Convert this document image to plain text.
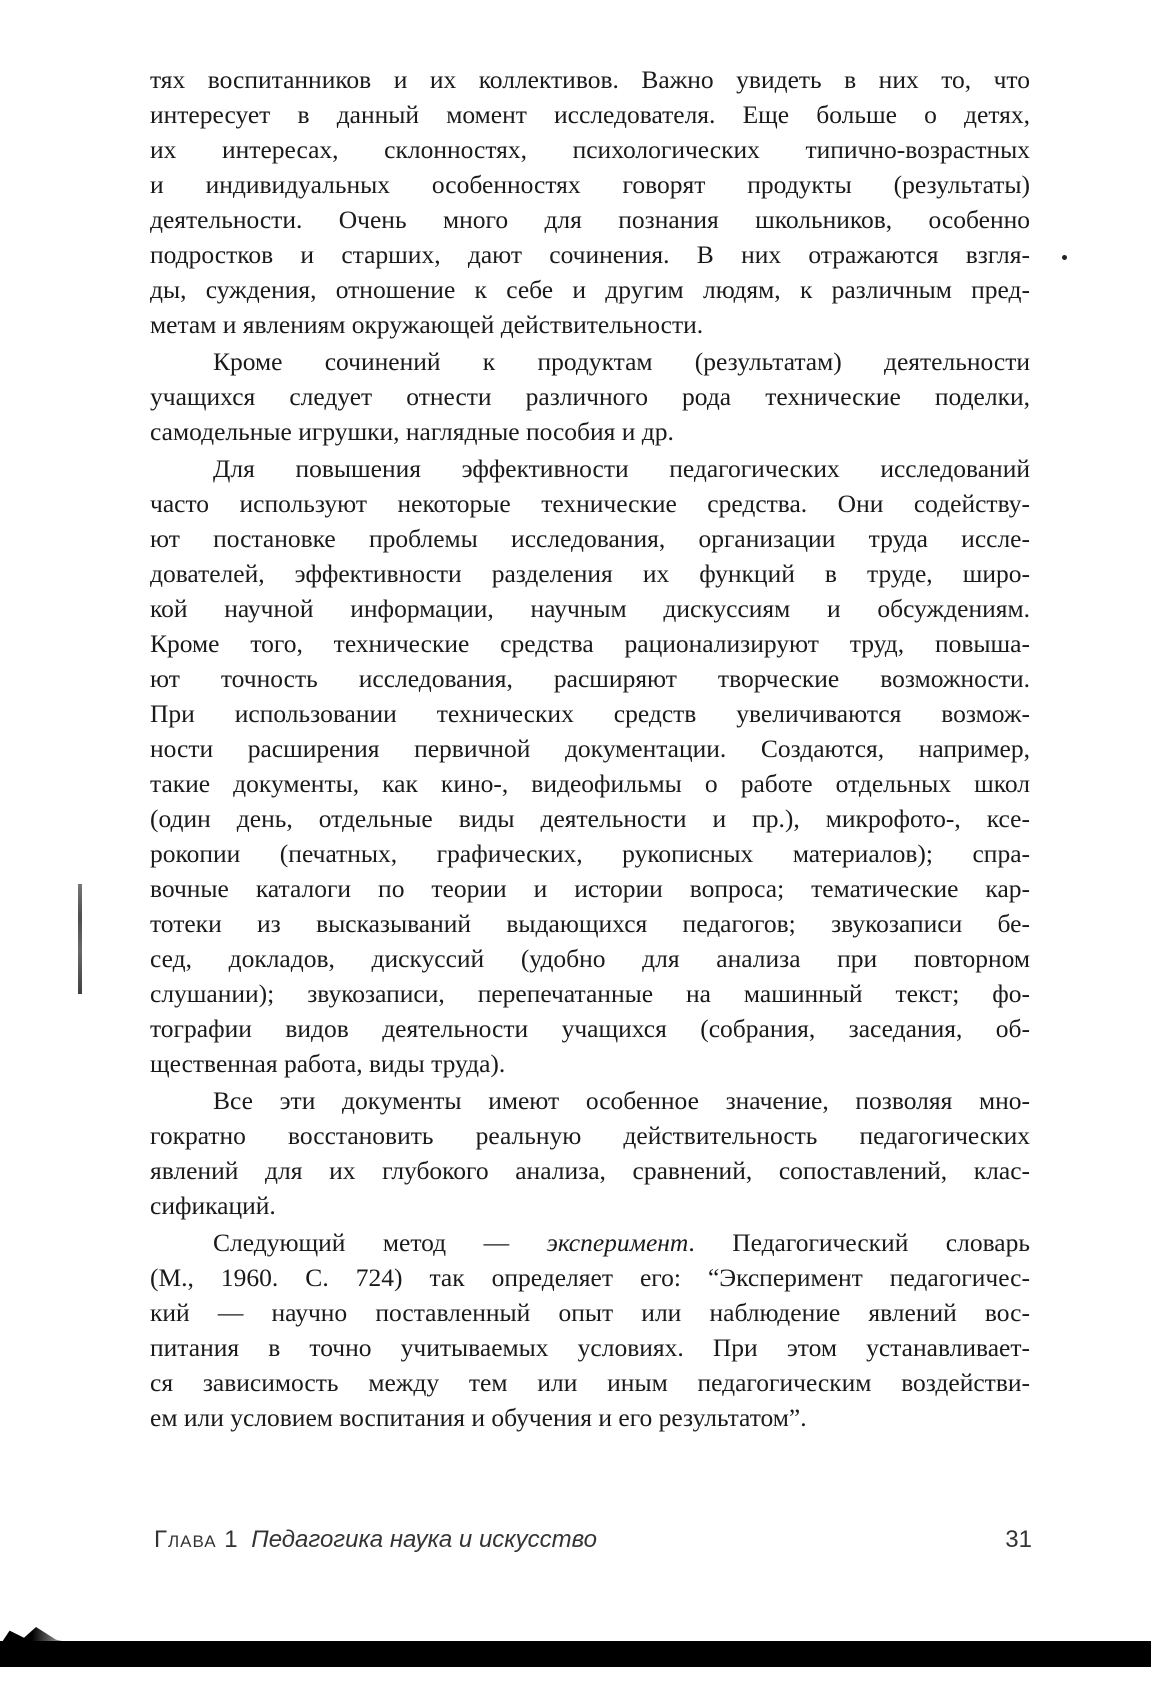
тях воспитанников и их коллективов. Важно увидеть в них то, что
интересует в данный момент исследователя. Еще больше о детях,
их интересах, склонностях, психологических типично-возрастных
и индивидуальных особенностях говорят продукты (результаты)
деятельности. Очень много для познания школьников, особенно
подростков и старших, дают сочинения. В них отражаются взгля-
ды, суждения, отношение к себе и другим людям, к различным пред-
метам и явлениям окружающей действительности.
Кроме сочинений к продуктам (результатам) деятельности
учащихся следует отнести различного рода технические поделки,
самодельные игрушки, наглядные пособия и др.
Для повышения эффективности педагогических исследований
часто используют некоторые технические средства. Они содейству-
ют постановке проблемы исследования, организации труда иссле-
дователей, эффективности разделения их функций в труде, широ-
кой научной информации, научным дискуссиям и обсуждениям.
Кроме того, технические средства рационализируют труд, повыша-
ют точность исследования, расширяют творческие возможности.
При использовании технических средств увеличиваются возмож-
ности расширения первичной документации. Создаются, например,
такие документы, как кино-, видеофильмы о работе отдельных школ
(один день, отдельные виды деятельности и пр.), микрофото-, ксе-
рокопии (печатных, графических, рукописных материалов); спра-
вочные каталоги по теории и истории вопроса; тематические кар-
тотеки из высказываний выдающихся педагогов; звукозаписи бе-
сед, докладов, дискуссий (удобно для анализа при повторном
слушании); звукозаписи, перепечатанные на машинный текст; фо-
тографии видов деятельности учащихся (собрания, заседания, об-
щественная работа, виды труда).
Все эти документы имеют особенное значение, позволяя мно-
гократно восстановить реальную действительность педагогических
явлений для их глубокого анализа, сравнений, сопоставлений, клас-
сификаций.
Следующий метод — эксперимент. Педагогический словарь
(М., 1960. С. 724) так определяет его: “Эксперимент педагогичес-
кий — научно поставленный опыт или наблюдение явлений вос-
питания в точно учитываемых условиях. При этом устанавливает-
ся зависимость между тем или иным педагогическим воздействи-
ем или условием воспитания и обучения и его результатом”.
Глава 1 Педагогика наука и искусство	31
